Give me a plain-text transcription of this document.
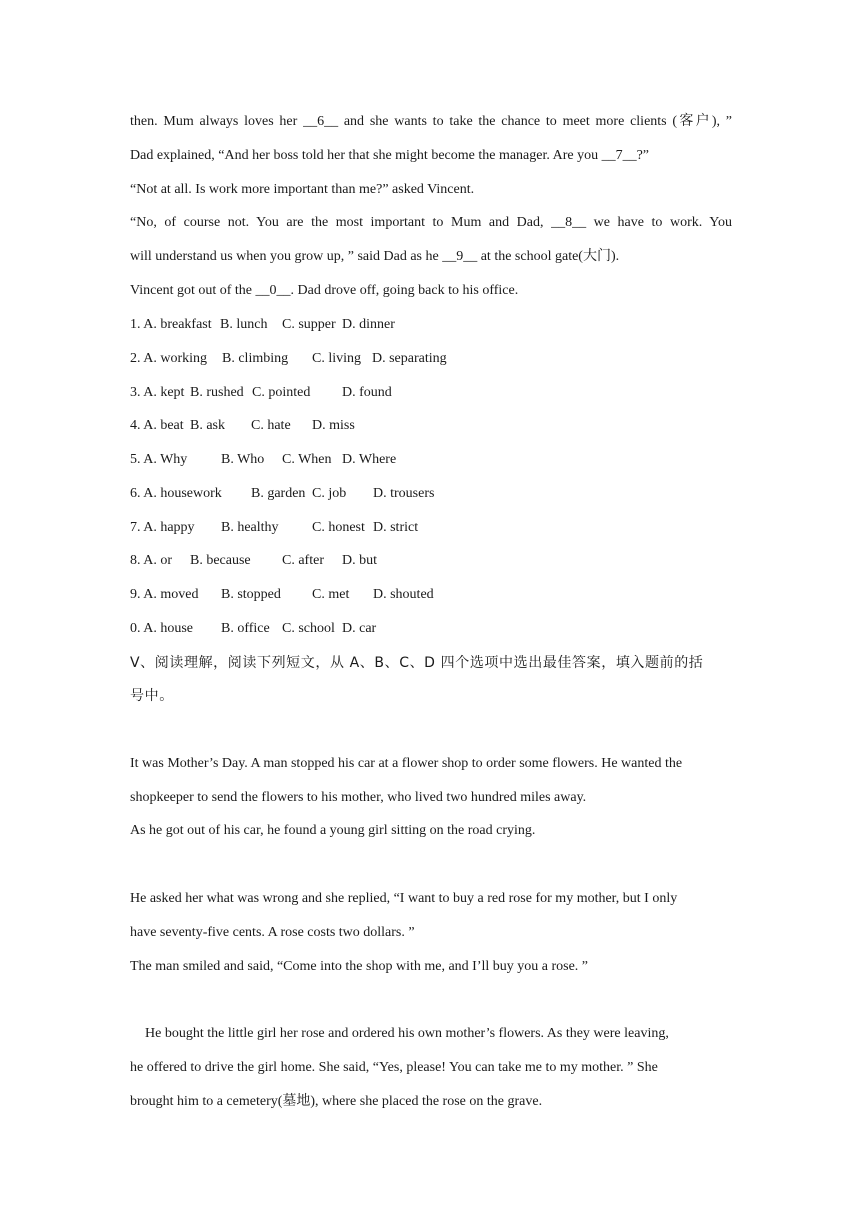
then. Mum always loves her __6__ and she wants to take the chance to meet more clients (客户), ”
Dad explained, “And her boss told her that she might become the manager. Are you __7__?”
“Not at all. Is work more important than me?” asked Vincent.
“No, of course not. You are the most important to Mum and Dad, __8__ we have to work. You
will understand us when you grow up, ” said Dad as he __9__ at the school gate(大门).
Vincent got out of the __0__. Dad drove off, going back to his office.
1. A. breakfast B. lunch C. supper D. dinner
2. A. working B. climbing C. living D. separating
3. A. kept B. rushed C. pointed D. found
4. A. beat B. ask C. hate D. miss
5. A. Why B. Who C. When D. Where
6. A. housework B. garden C. job D. trousers
7. A. happy B. healthy C. honest D. strict
8. A. or B. because C. after D. but
9. A. moved B. stopped C. met D. shouted
0. A. house B. office C. school D. car
Ⅴ、阅读理解，阅读下列短文，从 A、B、C、D 四个选项中选出最佳答案，填入题前的括
号中。
It was Mother’s Day. A man stopped his car at a flower shop to order some flowers. He wanted the
shopkeeper to send the flowers to his mother, who lived two hundred miles away.
As he got out of his car, he found a young girl sitting on the road crying.
He asked her what was wrong and she replied, “I want to buy a red rose for my mother, but I only
have seventy-five cents. A rose costs two dollars. ”
The man smiled and said, “Come into the shop with me, and I’ll buy you a rose. ”
He bought the little girl her rose and ordered his own mother’s flowers. As they were leaving,
he offered to drive the girl home. She said, “Yes, please! You can take me to my mother. ” She
brought him to a cemetery(墓地), where she placed the rose on the grave.
